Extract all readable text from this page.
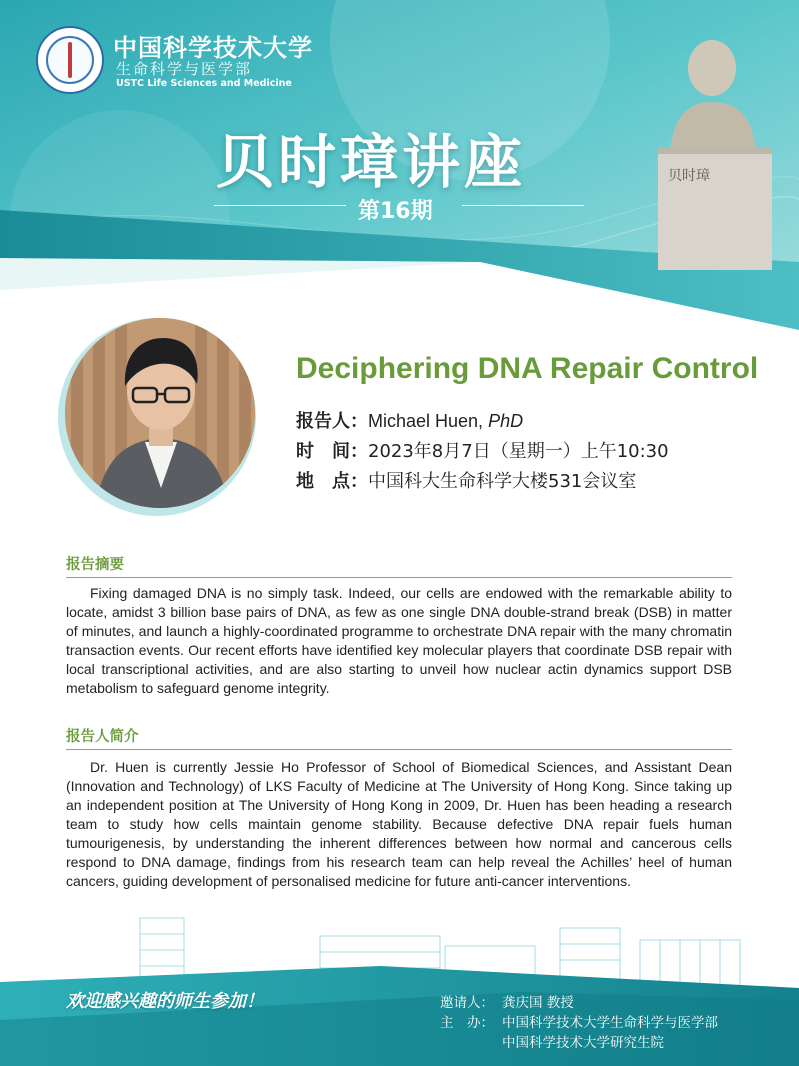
中国科学技术大学
生命科学与医学部
USTC Life Sciences and Medicine
贝时璋讲座
第16期
贝时璋
Deciphering DNA Repair Control
报告人：Michael Huen, PhD
时　间：2023年8月7日（星期一）上午10:30
地　点：中国科大生命科学大楼531会议室
报告摘要

Fixing damaged DNA is no simply task. Indeed, our cells are endowed with the remarkable ability to locate, amidst 3 billion base pairs of DNA, as few as one single DNA double-strand break (DSB) in matter of minutes, and launch a highly-coordinated programme to orchestrate DNA repair with the many chromatin transaction events. Our recent efforts have identified key molecular players that coordinate DSB repair with local transcriptional activities, and are also starting to unveil how nuclear actin dynamics support DSB metabolism to safeguard genome integrity.

报告人简介

Dr. Huen is currently Jessie Ho Professor of School of Biomedical Sciences, and Assistant Dean (Innovation and Technology) of LKS Faculty of Medicine at The University of Hong Kong. Since taking up an independent position at The University of Hong Kong in 2009, Dr. Huen has been heading a research team to study how cells maintain genome stability. Because defective DNA repair fuels human tumourigenesis, by understanding the inherent differences between how normal and cancerous cells respond to DNA damage, findings from his research team can help reveal the Achilles’ heel of human cancers, guiding development of personalised medicine for future anti-cancer interventions.

欢迎感兴趣的师生参加！	邀请人： 龚庆国 教授
主　办： 中国科学技术大学生命科学与医学部
中国科学技术大学研究生院
